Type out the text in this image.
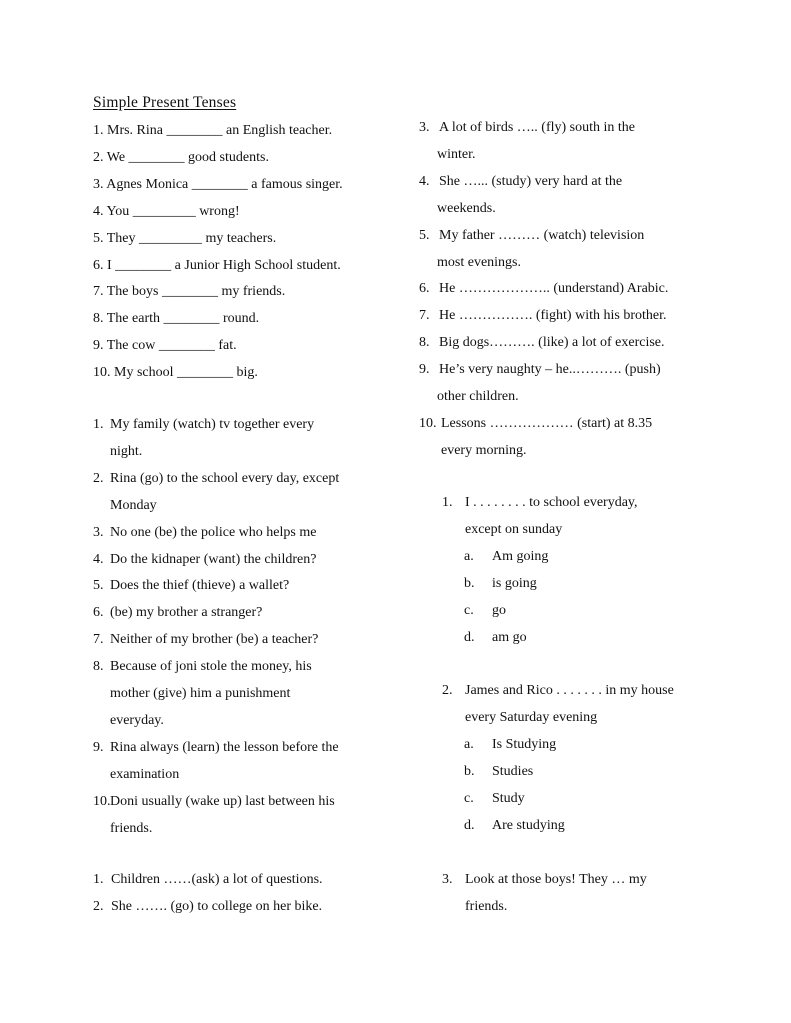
Simple Present Tenses
1. Mrs. Rina ________ an English teacher.
2. We ________ good students.
3. Agnes Monica ________ a famous singer.
4. You _________ wrong!
5. They _________ my teachers.
6. I ________ a Junior High School student.
7. The boys ________ my friends.
8. The earth ________ round.
9. The cow ________ fat.
10. My school ________ big.
1. My family (watch) tv together every
night.
2. Rina (go) to the school every day, except
Monday
3. No one (be) the police who helps me
4. Do the kidnaper (want) the children?
5. Does the thief (thieve) a wallet?
6. (be) my brother a stranger?
7. Neither of my brother (be) a teacher?
8. Because of joni stole the money, his
mother (give) him a punishment
everyday.
9. Rina always (learn) the lesson before the
examination
10. Doni usually (wake up) last between his
friends.
1. Children ……(ask) a lot of questions.
2. She ……. (go) to college on her bike.
3. A lot of birds ….. (fly) south in the
winter.
4. She …... (study) very hard at the
weekends.
5. My father ……… (watch) television
most evenings.
6. He ……………….. (understand) Arabic.
7. He ……………. (fight) with his brother.
8. Big dogs………. (like) a lot of exercise.
9. He’s very naughty – he..………. (push)
other children.
10. Lessons ……………… (start) at 8.35
every morning.
1. I . . . . . . . . to school everyday,
except on sunday
a. Am going
b. is going
c. go
d. am go
2. James and Rico . . . . . . . in my house
every Saturday evening
a. Is Studying
b. Studies
c. Study
d. Are studying
3. Look at those boys! They … my
friends.
